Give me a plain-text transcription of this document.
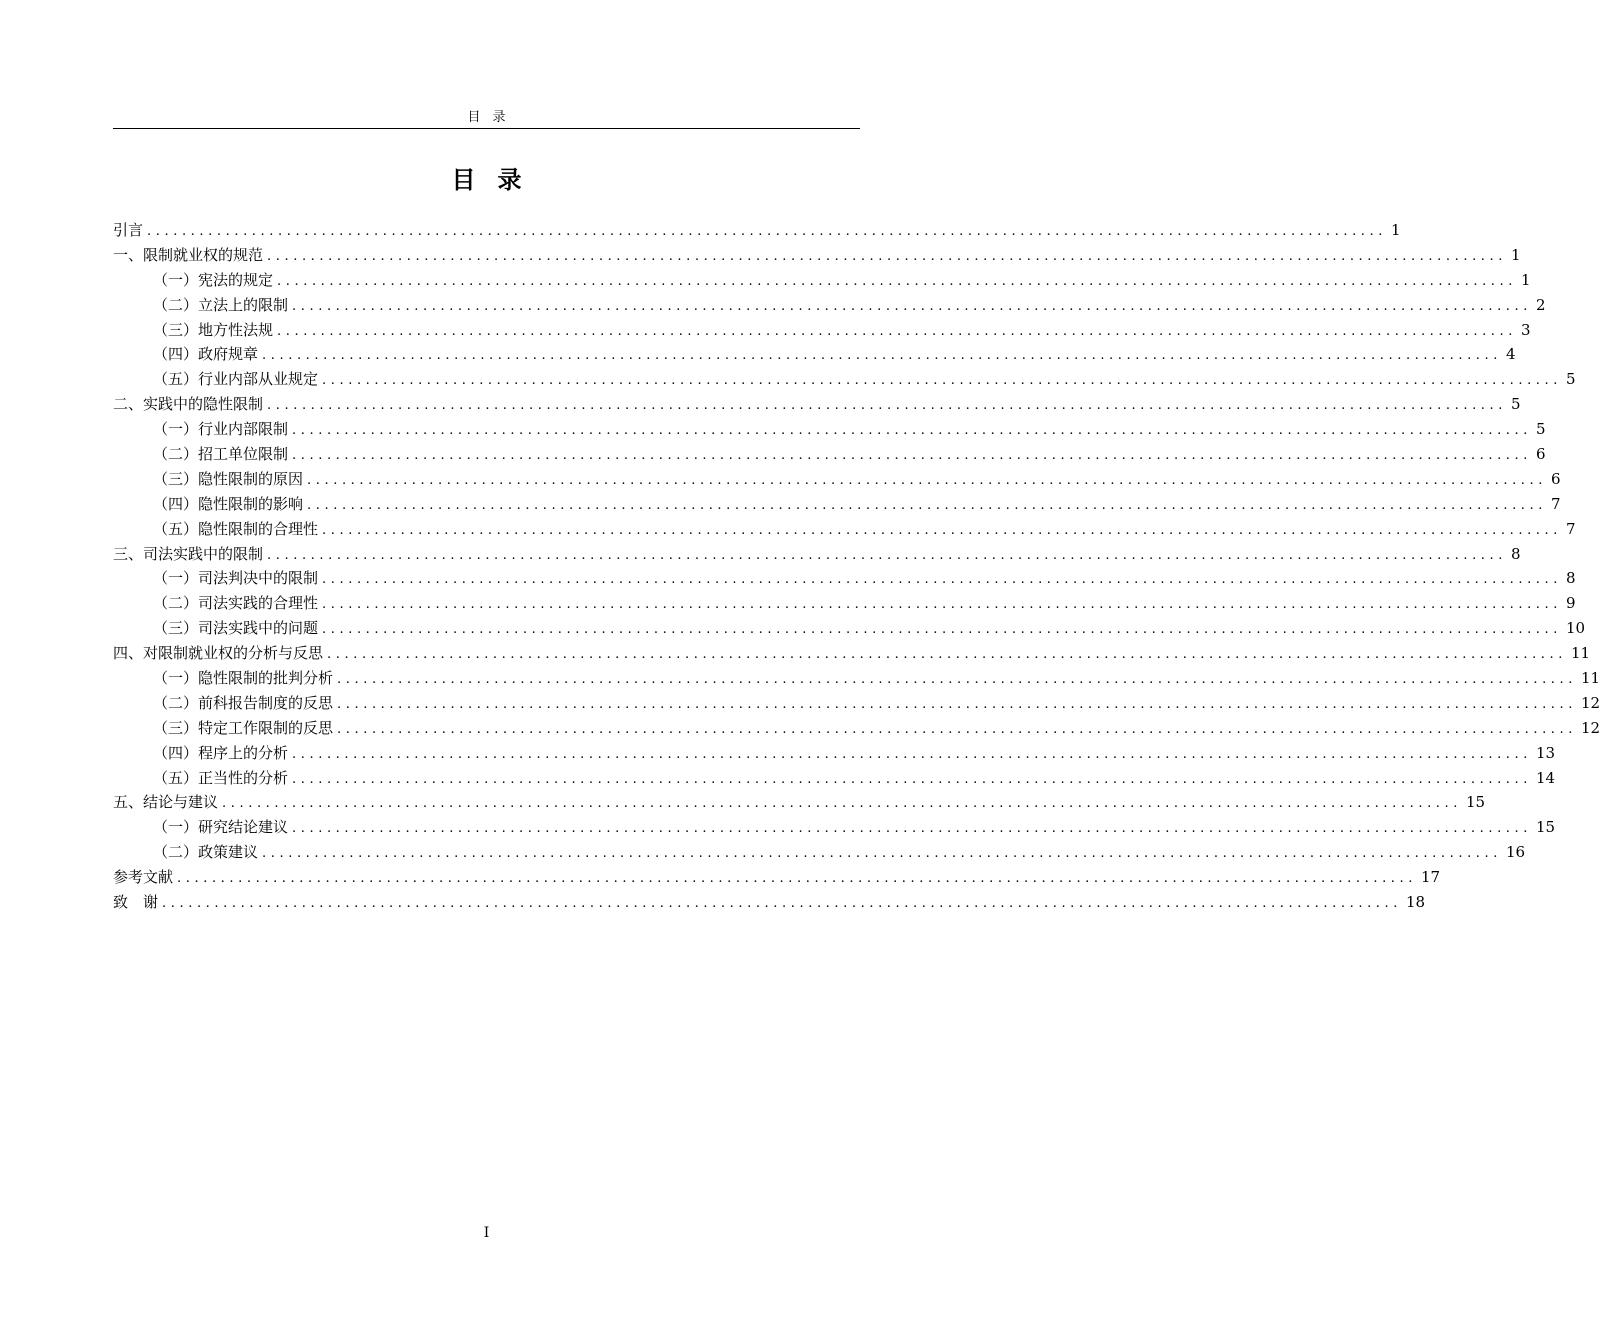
目录
目录
引言 .............................................................................................................................................. 1
一、限制就业权的规范 .............................................................................................................................................. 1
（一）宪法的规定 .............................................................................................................................................. 1
（二）立法上的限制 .............................................................................................................................................. 2
（三）地方性法规 .............................................................................................................................................. 3
（四）政府规章 .............................................................................................................................................. 4
（五）行业内部从业规定 .............................................................................................................................................. 5
二、实践中的隐性限制 .............................................................................................................................................. 5
（一）行业内部限制 .............................................................................................................................................. 5
（二）招工单位限制 .............................................................................................................................................. 6
（三）隐性限制的原因 .............................................................................................................................................. 6
（四）隐性限制的影响 .............................................................................................................................................. 7
（五）隐性限制的合理性 .............................................................................................................................................. 7
三、司法实践中的限制 .............................................................................................................................................. 8
（一）司法判决中的限制 .............................................................................................................................................. 8
（二）司法实践的合理性 .............................................................................................................................................. 9
（三）司法实践中的问题 .............................................................................................................................................. 10
四、对限制就业权的分析与反思 .............................................................................................................................................. 11
（一）隐性限制的批判分析 .............................................................................................................................................. 11
（二）前科报告制度的反思 .............................................................................................................................................. 12
（三）特定工作限制的反思 .............................................................................................................................................. 12
（四）程序上的分析 .............................................................................................................................................. 13
（五）正当性的分析 .............................................................................................................................................. 14
五、结论与建议 .............................................................................................................................................. 15
（一）研究结论建议 .............................................................................................................................................. 15
（二）政策建议 .............................................................................................................................................. 16
参考文献 .............................................................................................................................................. 17
致　谢 .............................................................................................................................................. 18
I
